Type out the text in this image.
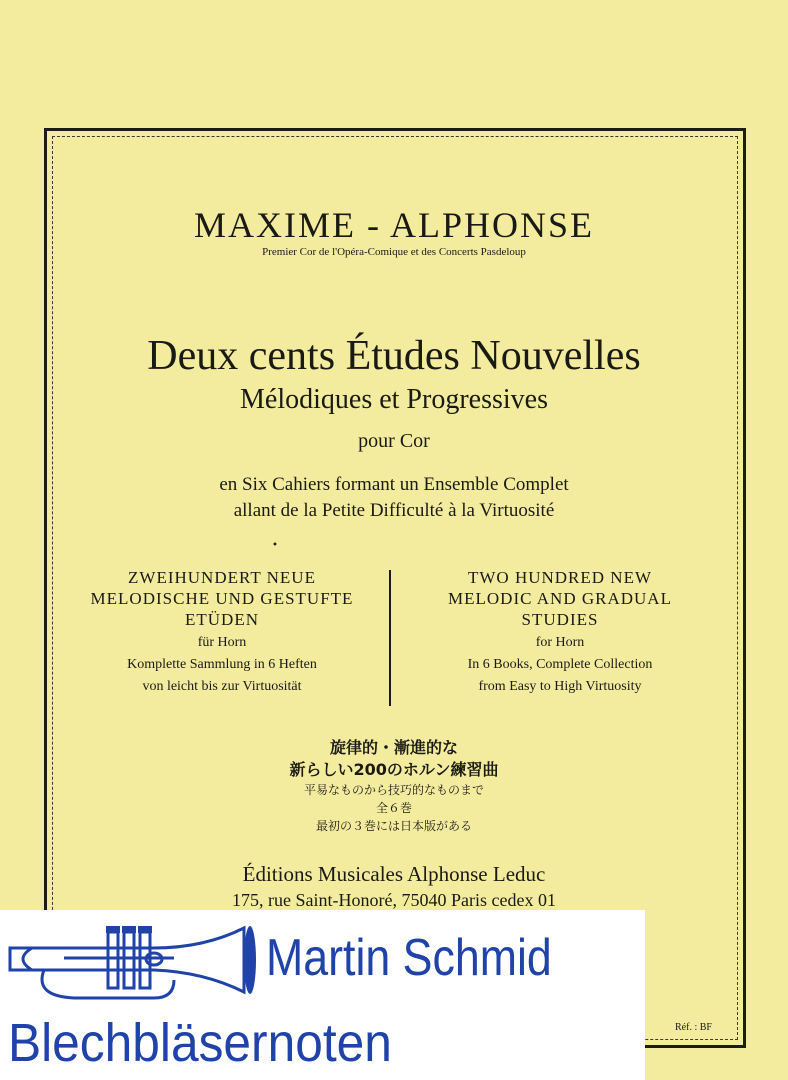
MAXIME - ALPHONSE
Premier Cor de l'Opéra-Comique et des Concerts Pasdeloup
Deux cents Études Nouvelles
Mélodiques et Progressives
pour Cor
en Six Cahiers formant un Ensemble Complet
allant de la Petite Difficulté à la Virtuosité
•
ZWEIHUNDERT NEUE
MELODISCHE UND GESTUFTE
ETÜDEN
für Horn
Komplette Sammlung in 6 Heften
von leicht bis zur Virtuosität
TWO HUNDRED NEW
MELODIC AND GRADUAL
STUDIES
for Horn
In 6 Books, Complete Collection
from Easy to High Virtuosity
旋律的・漸進的な
新らしい200のホルン練習曲
平易なものから技巧的なものまで
全６巻
最初の３巻には日本版がある
Éditions Musicales Alphonse Leduc
175, rue Saint-Honoré, 75040 Paris cedex 01
Réf. : BF
Martin Schmid
Blechbläsernoten
